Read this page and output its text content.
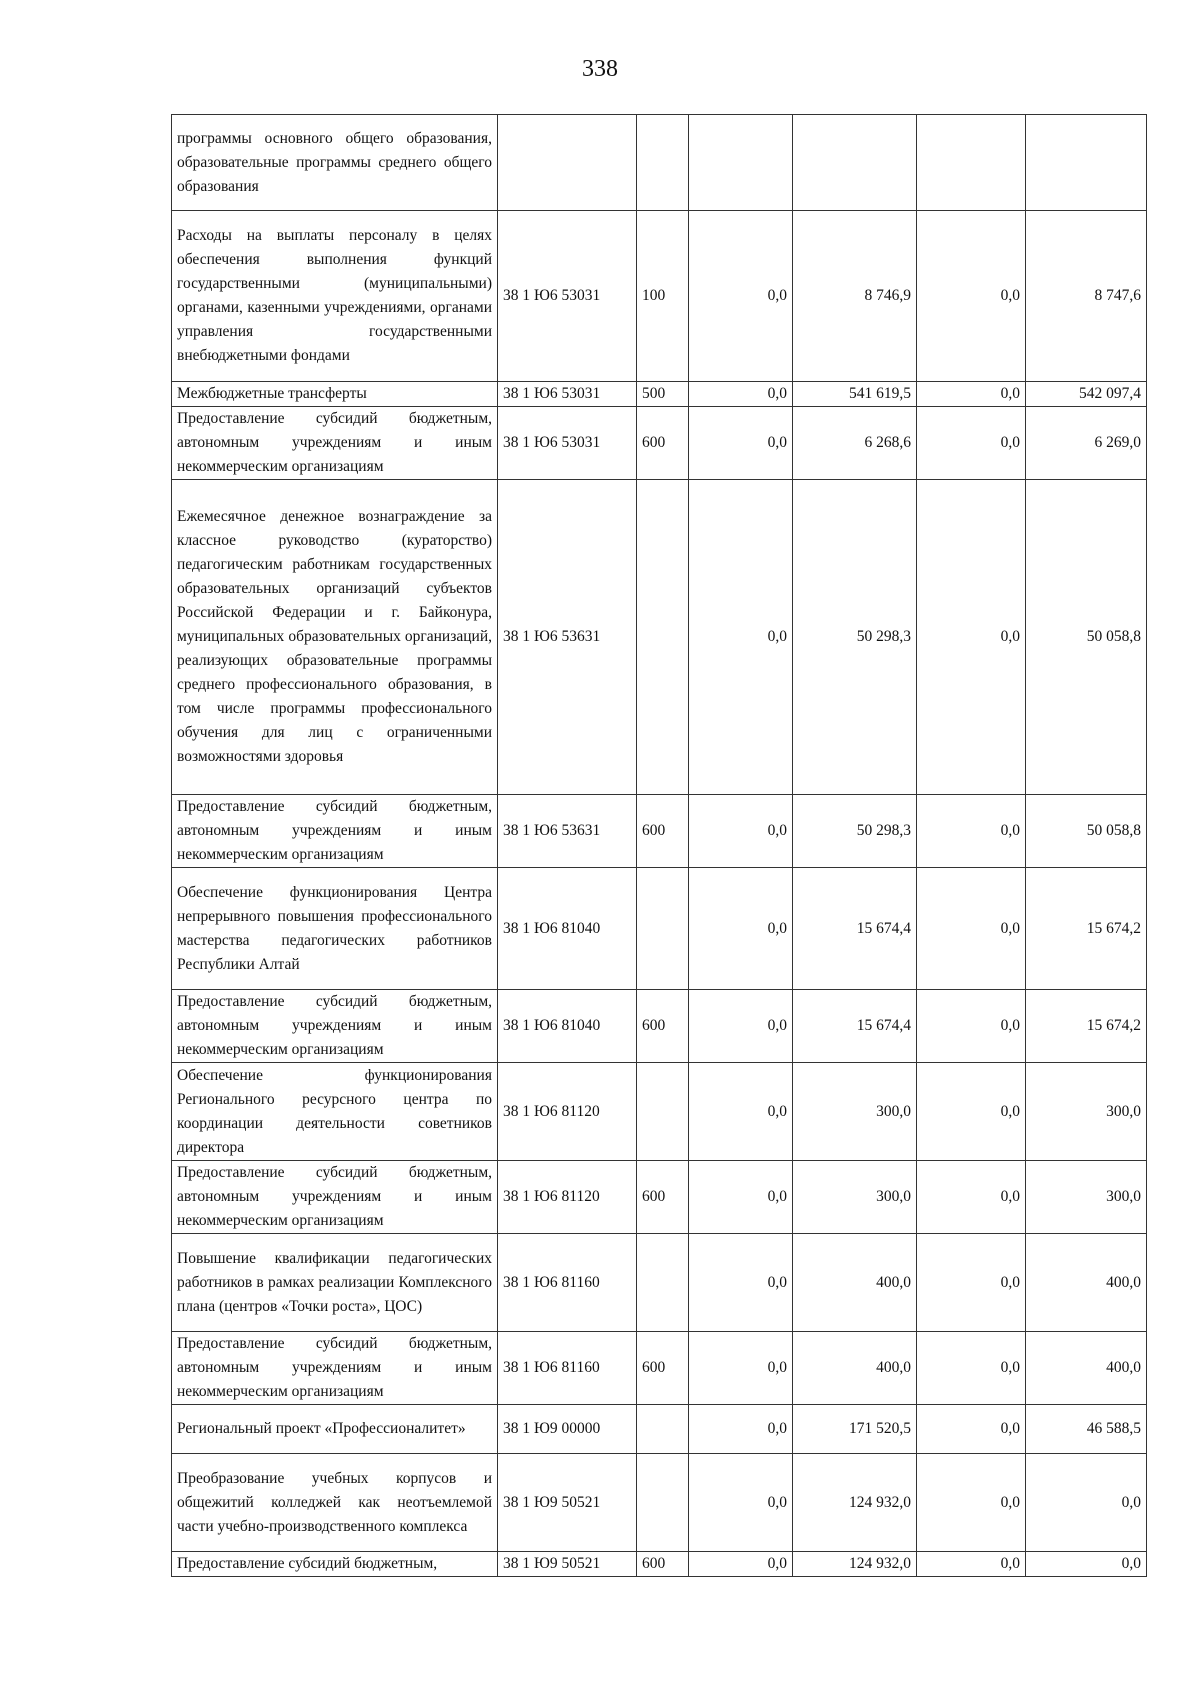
338
программы основного общего образования, образовательные программы среднего общего образования						
Расходы на выплаты персоналу в целях обеспечения выполнения функций государственными (муниципальными) органами, казенными учреждениями, органами управления государственными внебюджетными фондами	38 1 Ю6 53031	100	0,0	8 746,9	0,0	8 747,6
Межбюджетные трансферты	38 1 Ю6 53031	500	0,0	541 619,5	0,0	542 097,4
Предоставление субсидий бюджетным, автономным учреждениям и иным некоммерческим организациям	38 1 Ю6 53031	600	0,0	6 268,6	0,0	6 269,0
Ежемесячное денежное вознаграждение за классное руководство (кураторство) педагогическим работникам государственных образовательных организаций субъектов Российской Федерации и г. Байконура, муниципальных образовательных организаций, реализующих образовательные программы среднего профессионального образования, в том числе программы профессионального обучения для лиц с ограниченными возможностями здоровья	38 1 Ю6 53631		0,0	50 298,3	0,0	50 058,8
Предоставление субсидий бюджетным, автономным учреждениям и иным некоммерческим организациям	38 1 Ю6 53631	600	0,0	50 298,3	0,0	50 058,8
Обеспечение функционирования Центра непрерывного повышения профессионального мастерства педагогических работников Республики Алтай	38 1 Ю6 81040		0,0	15 674,4	0,0	15 674,2
Предоставление субсидий бюджетным, автономным учреждениям и иным некоммерческим организациям	38 1 Ю6 81040	600	0,0	15 674,4	0,0	15 674,2
Обеспечение функционирования Регионального ресурсного центра по координации деятельности советников директора	38 1 Ю6 81120		0,0	300,0	0,0	300,0
Предоставление субсидий бюджетным, автономным учреждениям и иным некоммерческим организациям	38 1 Ю6 81120	600	0,0	300,0	0,0	300,0
Повышение квалификации педагогических работников в рамках реализации Комплексного плана (центров «Точки роста», ЦОС)	38 1 Ю6 81160		0,0	400,0	0,0	400,0
Предоставление субсидий бюджетным, автономным учреждениям и иным некоммерческим организациям	38 1 Ю6 81160	600	0,0	400,0	0,0	400,0
Региональный проект «Профессионалитет»	38 1 Ю9 00000		0,0	171 520,5	0,0	46 588,5
Преобразование учебных корпусов и общежитий колледжей как неотъемлемой части учебно-производственного комплекса	38 1 Ю9 50521		0,0	124 932,0	0,0	0,0
Предоставление субсидий бюджетным,	38 1 Ю9 50521	600	0,0	124 932,0	0,0	0,0
